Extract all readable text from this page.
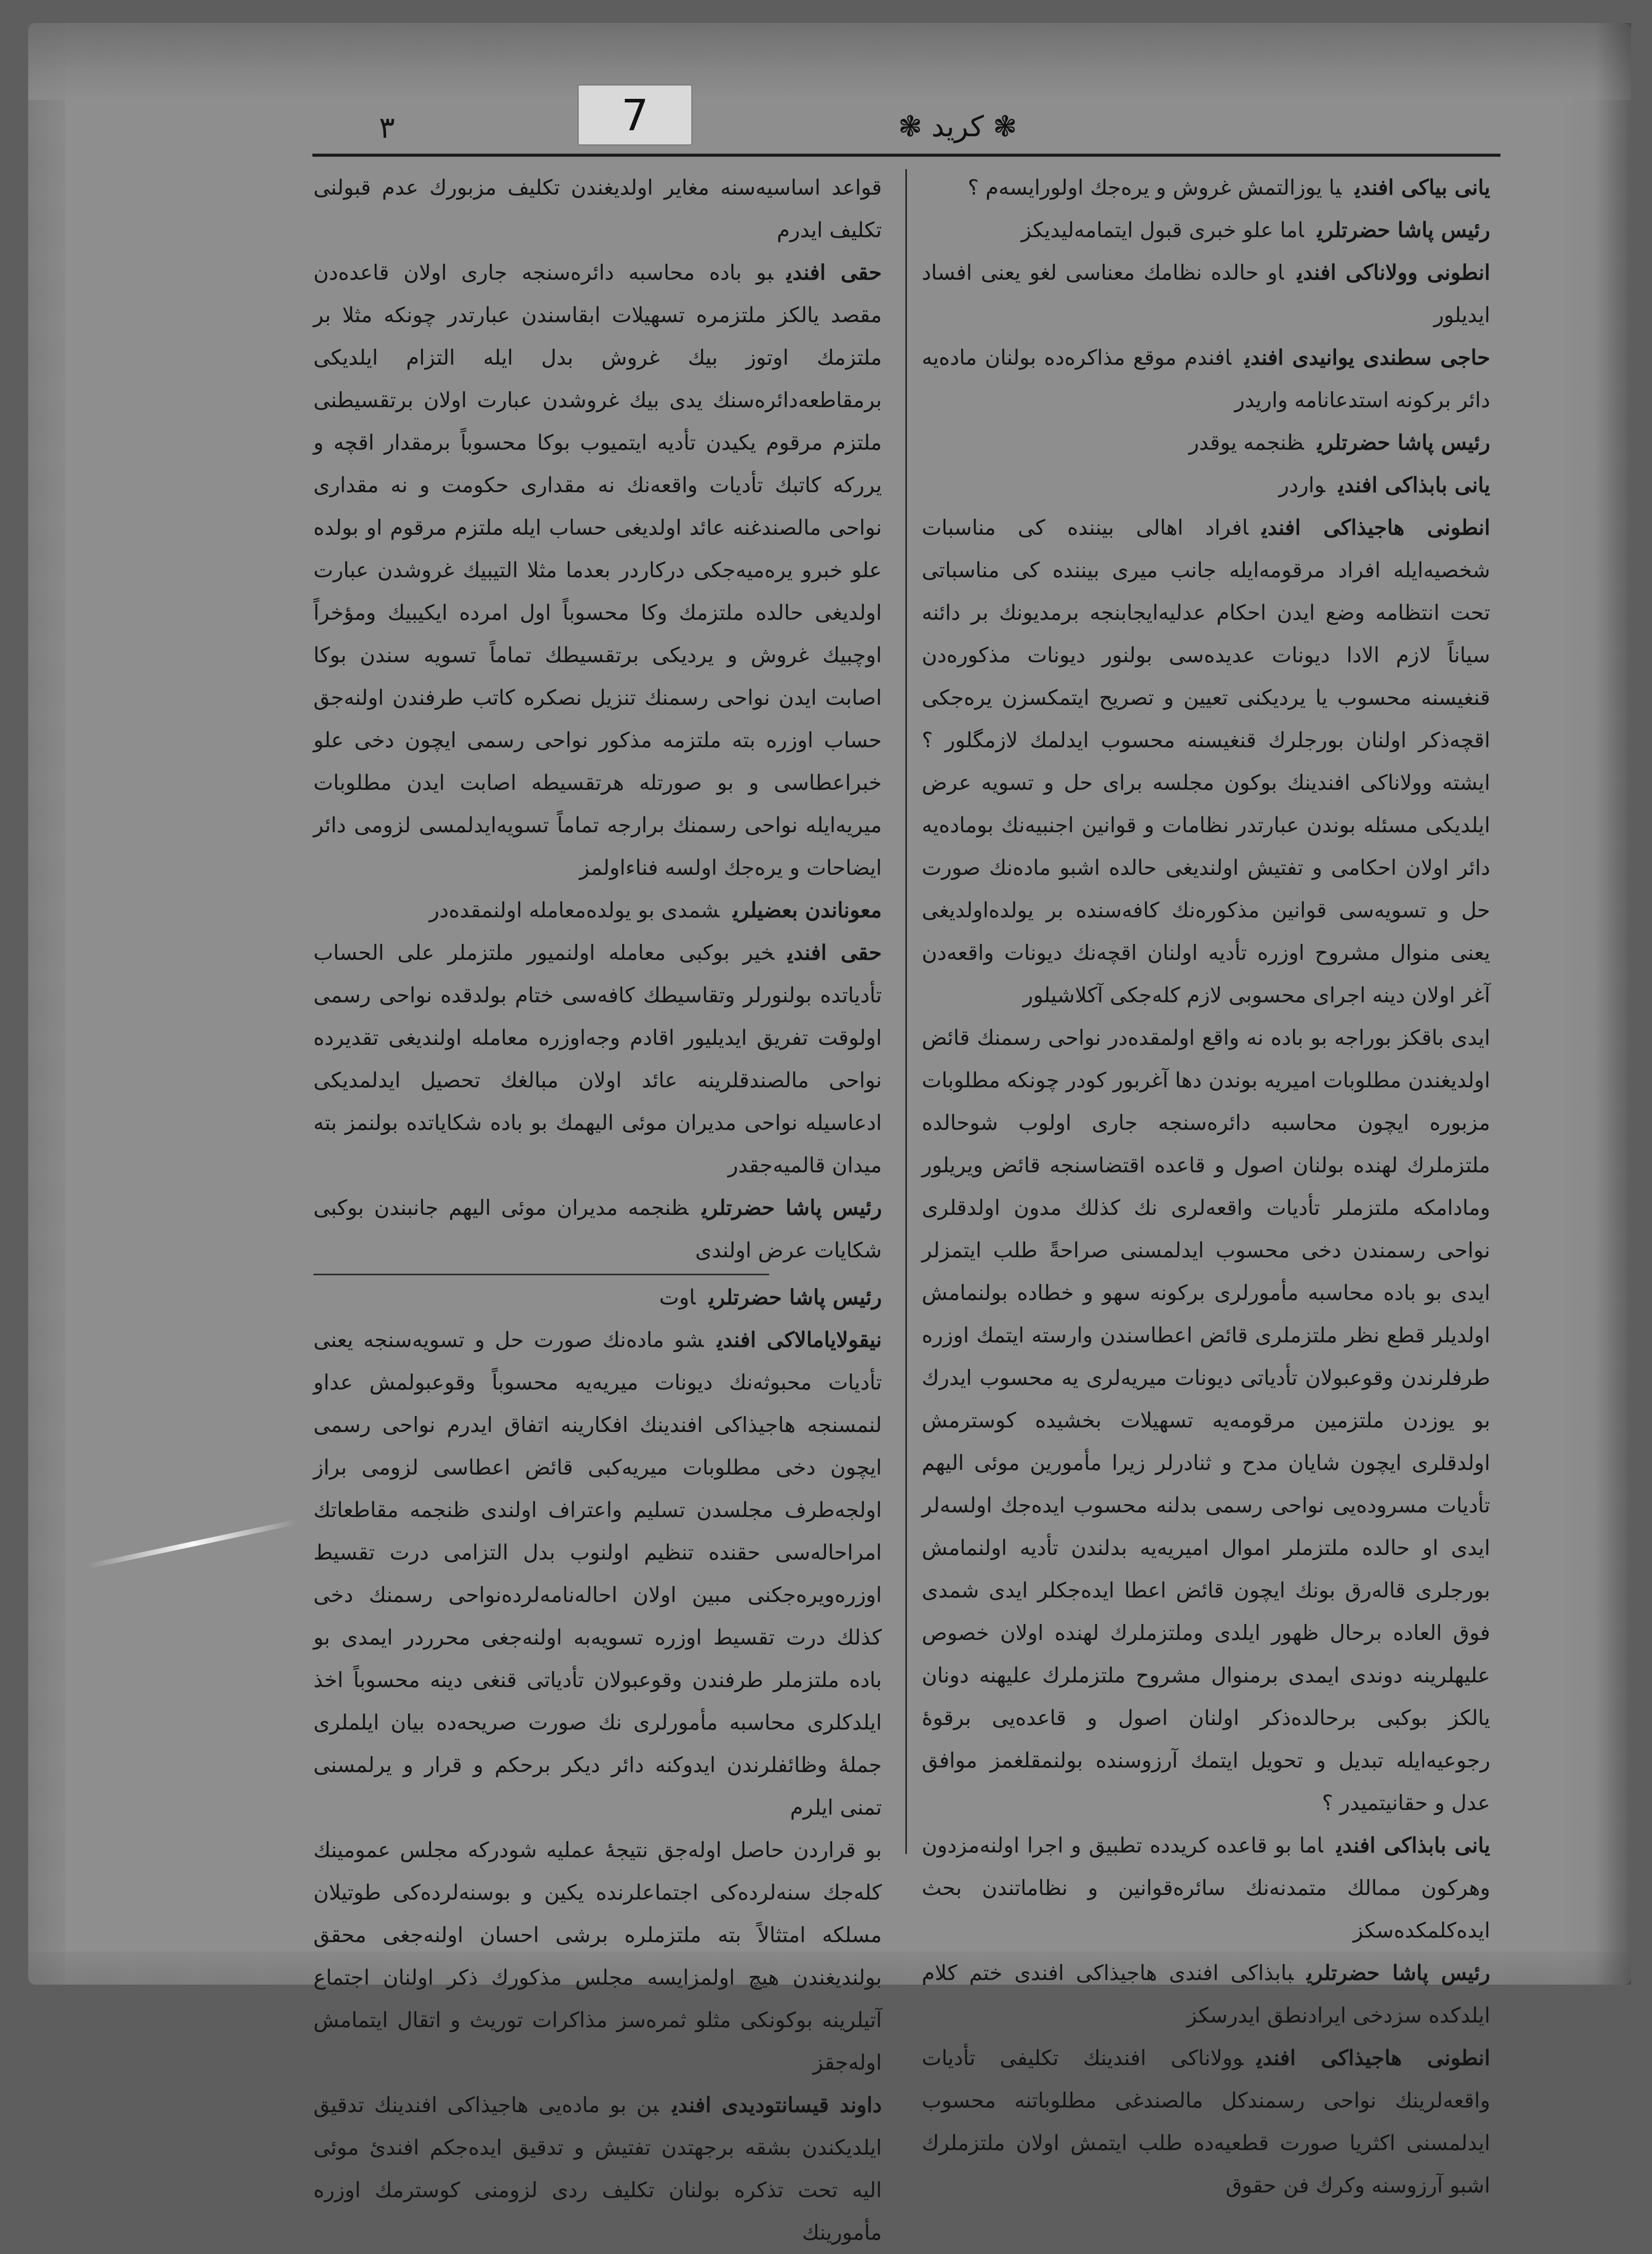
7
٣	❃ کرید ❃

یانی بیاکی افندییا یوزالتمش غروش و یرەجك اولورایسەم ؟

رئیس پاشا حضرتلریاما علو خبری قبول ایتمامەلیدیکز

انطونی وولاناکی افندیاو حالدە نظامك معناسی لغو یعنی افساد ایدیلور

حاجی سطندی یوانیدی افندیافندم موقع مذاکرەدە بولنان مادەیە دائر برکونە استدعانامە واریدر

رئیس پاشا حضرتلریظنجمە یوقدر

یانی بابذاکی افندیواردر

انطونی هاجیذاکی افندیافراد اهالی بیننده کی مناسبات شخصیەایلە افراد مرقومەایلە جانب میری بیننده کی مناسباتی تحت انتظامە وضع ایدن احکام عدلیەایجابنجە برمدیونك بر دائنە سیاناً لازم الادا دیونات عدیدەسی بولنور دیونات مذکورەدن قنغیسنە محسوب یا یردیکنی تعیین و تصریح ایتمکسزن یرەجکی اقچەذکر اولنان بورجلرك قنغیسنە محسوب ایدلمك لازمگلور ؟ ایشتە وولاناکی افندینك بوکون مجلسە برای حل و تسویە عرض ایلدیکی مسئلە بوندن عبارتدر نظامات و قوانین اجنبیەنك بومادەیە دائر اولان احکامی و تفتیش اولندیغی حالدە اشبو مادەنك صورت حل و تسویەسی قوانین مذکورەنك کافەسندە بر یولدەاولدیغی یعنی منوال مشروح اوزرە تأدیە اولنان اقچەنك دیونات واقعەدن آغر اولان دینە اجرای محسوبی لازم کلەجکی آکلاشیلور

ایدی باقکز بوراجە بو بادە نه واقع اولمقدەدر نواحی رسمنك قائض اولدیغندن مطلوبات امیریە بوندن دها آغربور کودر چونکە مطلوبات مزبورە ایچون محاسبە دائرەسنجە جاری اولوب شوحالدە ملتزملرك لهندە بولنان اصول و قاعدە اقتضاسنجە قائض ویریلور ومادامکە ملتزملر تأدیات واقعەلری نك کذلك مدون اولدقلری نواحی رسمندن دخی محسوب ایدلمسنی صراحةً طلب ایتمزلر ایدی بو بادە محاسبە مأمورلری برکونە سهو و خطادە بولنمامش اولدیلر قطع نظر ملتزملری قائض اعطاسندن وارستە ایتمك اوزرە طرفلرندن وقوعبولان تأدیاتی دیونات میریەلری یە محسوب ایدرك بو یوزدن ملتزمین مرقومەیە تسهیلات بخشیدە کوسترمش اولدقلری ایچون شایان مدح و ثنادرلر زیرا مأمورین موئی الیهم تأدیات مسرودەیی نواحی رسمی بدلنە محسوب ایدەجك اولسەلر ایدی او حالدە ملتزملر اموال امیریەیە بدلندن تأدیە اولنمامش بورجلری قالەرق بونك ایچون قائض اعطا ایدەجکلر ایدی شمدی فوق العادە برحال ظهور ایلدی وملتزملرك لهندە اولان خصوص علیهلرینە دوندی ایمدی برمنوال مشروح ملتزملرك علیهنە دونان یالکز بوکبی برحالدەذکر اولنان اصول و قاعدەیی برقوهٔ رجوعیەایلە تبدیل و تحویل ایتمك آرزوسندە بولنمقلغمز موافق عدل و حقانیتمیدر ؟

یانی بابذاکی افندیاما بو قاعدە کریددە تطبیق و اجرا اولنەمزدون وهرکون ممالك متمدنەنك سائرەقوانین و نظاماتندن بحث ایدەکلمکدەسکز

رئیس پاشا حضرتلریبابذاکی افندی هاجیذاکی افندی ختم کلام ایلدکدە سزدخی ایرادنطق ایدرسکز

انطونی هاجیذاکی افندیوولاناکی افندینك تکلیفی تأدیات واقعەلرینك نواحی رسمندکل مالصندغی مطلوباتنە محسوب ایدلمسنی اکثریا صورت قطعیەدە طلب ایتمش اولان ملتزملرك اشبو آرزوسنە وکرك فن حقوق

قواعد اساسیەسنە مغایر اولدیغندن تکلیف مزبورك عدم قبولنی تکلیف ایدرم

حقی افندیبو بادە محاسبە دائرەسنجە جاری اولان قاعدەدن مقصد یالکز ملتزمرە تسهیلات ابقاسندن عبارتدر چونکە مثلا بر ملتزمك اوتوز بیك غروش بدل ایلە التزام ایلدیکی برمقاطعەدائرەسنك یدی بیك غروشدن عبارت اولان برتقسیطنی ملتزم مرقوم یکیدن تأدیە ایتمیوب بوکا محسوباً برمقدار اقچە و یررکە کاتبك تأدیات واقعەنك نه مقداری حکومت و نه مقداری نواحی مالصندغنە عائد اولدیغی حساب ایلە ملتزم مرقوم او بولدە علو خبرو یرەمیەجکی درکاردر بعدما مثلا التیبیك غروشدن عبارت اولدیغی حالدە ملتزمك وکا محسوباً اول امردە ایکیبیك ومؤخراً اوچبیك غروش و یردیکی برتقسیطك تماماً تسویە سندن بوکا اصابت ایدن نواحی رسمنك تنزیل نصکرە کاتب طرفندن اولنەجق حساب اوزرە بتە ملتزمە مذکور نواحی رسمی ایچون دخی علو خبراعطاسی و بو صورتلە هرتقسیطە اصابت ایدن مطلوبات میریەایلە نواحی رسمنك برارجە تماماً تسویەایدلمسی لزومی دائر ایضاحات و یرەجك اولسە فناءاولمز

معوناندن بعضیلریشمدی بو یولدەمعاملە اولنمقدەدر

حقی افندیخیر بوکبی معاملە اولنمیور ملتزملر علی الحساب تأدیاتدە بولنورلر وتقاسیطك کافەسی ختام بولدقدە نواحی رسمی اولوقت تفریق ایدیلیور اقادم وجەاوزرە معاملە اولندیغی تقدیردە نواحی مالصندقلرینە عائد اولان مبالغك تحصیل ایدلمدیکی ادعاسیلە نواحی مدیران موئی الیهمك بو بادە شکایاتدە بولنمز بتە میدان قالمیەجقدر

رئیس پاشا حضرتلریظنجمە مدیران موئی الیهم جانبندن بوکبی شکایات عرض اولندی

رئیس پاشا حضرتلریاوت

نیقولایامالاکی افندیشو مادەنك صورت حل و تسویەسنجە یعنی تأدیات محبوثەنك دیونات میریەیە محسوباً وقوعبولمش عداو لنمسنجە هاجیذاکی افندینك افکارینە اتفاق ایدرم نواحی رسمی ایچون دخی مطلوبات میریەکبی قائض اعطاسی لزومی براز اولجەطرف مجلسدن تسلیم واعتراف اولندی ظنجمە مقاطعاتك امراحالەسی حقندە تنظیم اولنوب بدل التزامی درت تقسیط اوزرەویرەجکنی مبین اولان احالەنامەلردەنواحی رسمنك دخی کذلك درت تقسیط اوزرە تسویەبه اولنەجغی محرردر ایمدی بو بادە ملتزملر طرفندن وقوعبولان تأدیاتی قنغی دینە محسوباً اخذ ایلدکلری محاسبە مأمورلری نك صورت صریحەدە بیان ایلملری جملۀ وظائفلرندن ایدوکنە دائر دیکر برحکم و قرار و یرلمسنی تمنی ایلرم

بو قراردن حاصل اولەجق نتیجۀ عملیە شودرکە مجلس عمومینك کلەجك سنەلردەکی اجتماعلرندە یکین و بوسنەلردەکی طوتیلان مسلکە امتثالاً بتە ملتزملرە برشی احسان اولنەجغی محقق بولندیغندن هیچ اولمزایسە مجلس مذکورك ذکر اولنان اجتماع آتیلرینە بوکونکی مثلو ثمرەسز مذاکرات توریث و اتقال ایتمامش اولەجقز

داوند قیسانتودیدی افندیبن بو مادەیی هاجیذاکی افندینك تدقیق ایلدیکندن بشقە برجهتدن تفتیش و تدقیق ایدەجکم افندیٔ موئی الیە تحت تذکرە بولنان تکلیف ردی لزومنی کوسترمك اوزرە مأمورینك
